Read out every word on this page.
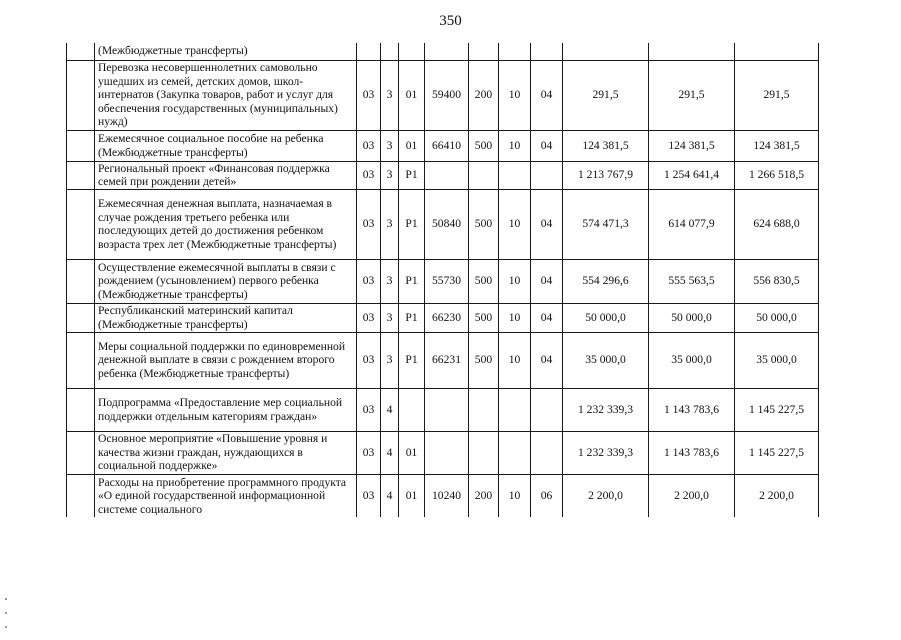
350
	(Межбюджетные трансферты)										
	Перевозка несовершеннолетних самовольно ушедших из семей, детских домов, школ-интернатов (Закупка товаров, работ и услуг для обеспечения государственных (муниципальных) нужд)	03	3	01	59400	200	10	04	291,5	291,5	291,5
	Ежемесячное социальное пособие на ребенка (Межбюджетные трансферты)	03	3	01	66410	500	10	04	124 381,5	124 381,5	124 381,5
	Региональный проект «Финансовая поддержка семей при рождении детей»	03	3	P1					1 213 767,9	1 254 641,4	1 266 518,5
	Ежемесячная денежная выплата, назначаемая в случае рождения третьего ребенка или последующих детей до достижения ребенком возраста трех лет (Межбюджетные трансферты)	03	3	P1	50840	500	10	04	574 471,3	614 077,9	624 688,0
	Осуществление ежемесячной выплаты в связи с рождением (усыновлением) первого ребенка (Межбюджетные трансферты)	03	3	P1	55730	500	10	04	554 296,6	555 563,5	556 830,5
	Республиканский материнский капитал (Межбюджетные трансферты)	03	3	P1	66230	500	10	04	50 000,0	50 000,0	50 000,0
	Меры социальной поддержки по единовременной денежной выплате в связи с рождением второго ребенка (Межбюджетные трансферты)	03	3	P1	66231	500	10	04	35 000,0	35 000,0	35 000,0
	Подпрограмма «Предоставление мер социальной поддержки отдельным категориям граждан»	03	4						1 232 339,3	1 143 783,6	1 145 227,5
	Основное мероприятие «Повышение уровня и качества жизни граждан, нуждающихся в социальной поддержке»	03	4	01					1 232 339,3	1 143 783,6	1 145 227,5
	Расходы на приобретение программного продукта «О единой государственной информационной системе социального	03	4	01	10240	200	10	06	2 200,0	2 200,0	2 200,0
